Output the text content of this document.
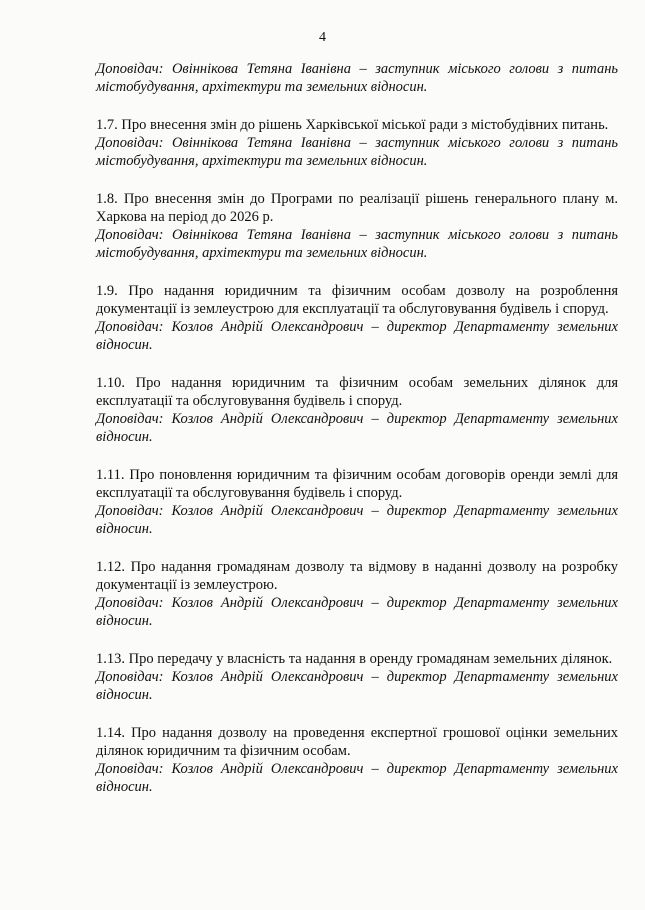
4
Доповідач: Овіннікова Тетяна Іванівна – заступник міського голови з питань містобудування, архітектури та земельних відносин.
1.7. Про внесення змін до рішень Харківської міської ради з містобудівних питань.
Доповідач: Овіннікова Тетяна Іванівна – заступник міського голови з питань містобудування, архітектури та земельних відносин.
1.8. Про внесення змін до Програми по реалізації рішень генерального плану м. Харкова на період до 2026 р.
Доповідач: Овіннікова Тетяна Іванівна – заступник міського голови з питань містобудування, архітектури та земельних відносин.
1.9. Про надання юридичним та фізичним особам дозволу на розроблення документації із землеустрою для експлуатації та обслуговування будівель і споруд.
Доповідач: Козлов Андрій Олександрович – директор Департаменту земельних відносин.
1.10. Про надання юридичним та фізичним особам земельних ділянок для експлуатації та обслуговування будівель і споруд.
Доповідач: Козлов Андрій Олександрович – директор Департаменту земельних відносин.
1.11. Про поновлення юридичним та фізичним особам договорів оренди землі для експлуатації та обслуговування будівель і споруд.
Доповідач: Козлов Андрій Олександрович – директор Департаменту земельних відносин.
1.12. Про надання громадянам дозволу та відмову в наданні дозволу на розробку документації із землеустрою.
Доповідач: Козлов Андрій Олександрович – директор Департаменту земельних відносин.
1.13. Про передачу у власність та надання в оренду громадянам земельних ділянок.
Доповідач: Козлов Андрій Олександрович – директор Департаменту земельних відносин.
1.14. Про надання дозволу на проведення експертної грошової оцінки земельних ділянок юридичним та фізичним особам.
Доповідач: Козлов Андрій Олександрович – директор Департаменту земельних відносин.
